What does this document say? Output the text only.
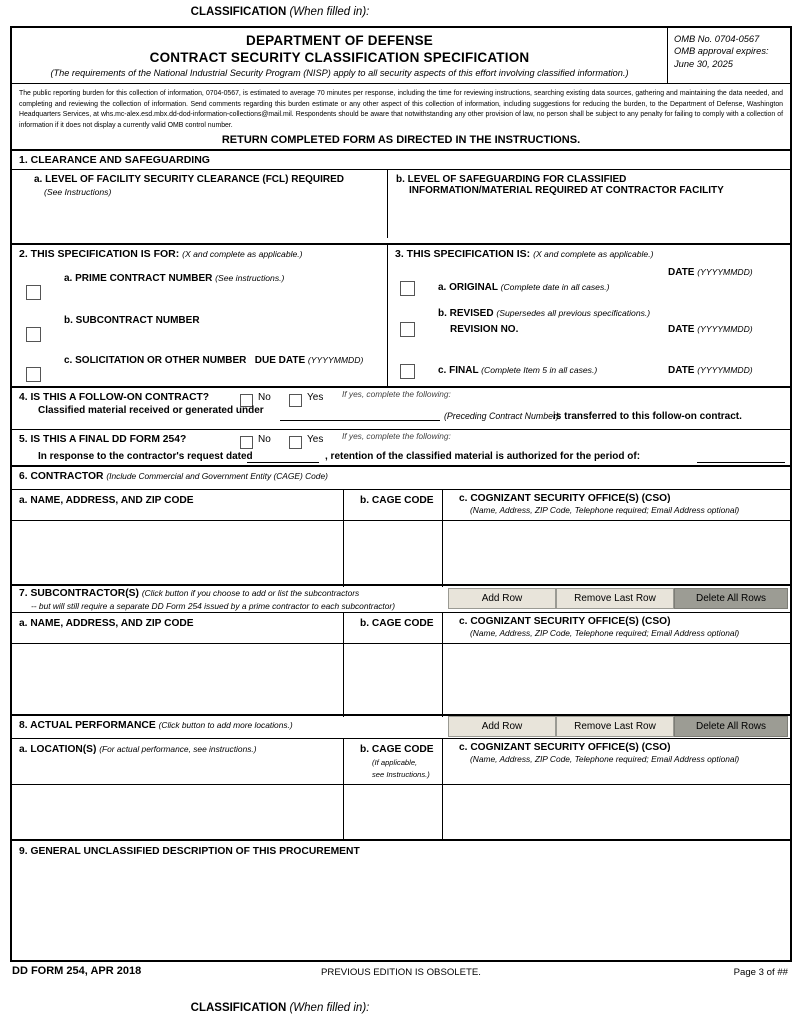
CLASSIFICATION (When filled in):
DEPARTMENT OF DEFENSE
CONTRACT SECURITY CLASSIFICATION SPECIFICATION
(The requirements of the National Industrial Security Program (NISP) apply to all security aspects of this effort involving classified information.)
OMB No. 0704-0567
OMB approval expires:
June 30, 2025

The public reporting burden for this collection of information, 0704-0567, is estimated to average 70 minutes per response, including the time for reviewing instructions, searching existing data sources, gathering and maintaining the data needed, and completing and reviewing the collection of information. Send comments regarding this burden estimate or any other aspect of this collection of information, including suggestions for reducing the burden, to the Department of Defense, Washington Headquarters Services, at whs.mc-alex.esd.mbx.dd-dod-information-collections@mail.mil. Respondents should be aware that notwithstanding any other provision of law, no person shall be subject to any penalty for failing to comply with a collection of information if it does not display a currently valid OMB control number.

RETURN COMPLETED FORM AS DIRECTED IN THE INSTRUCTIONS.
1. CLEARANCE AND SAFEGUARDING
a. LEVEL OF FACILITY SECURITY CLEARANCE (FCL) REQUIRED
(See Instructions)
b. LEVEL OF SAFEGUARDING FOR CLASSIFIED
INFORMATION/MATERIAL REQUIRED AT CONTRACTOR FACILITY
2. THIS SPECIFICATION IS FOR: (X and complete as applicable.)
a. PRIME CONTRACT NUMBER (See instructions.)
b. SUBCONTRACT NUMBER
c. SOLICITATION OR OTHER NUMBER DUE DATE (YYYYMMDD)
3. THIS SPECIFICATION IS: (X and complete as applicable.)
DATE (YYYYMMDD)
a. ORIGINAL (Complete date in all cases.)
b. REVISED (Supersedes all previous specifications.)
REVISION NO.	DATE (YYYYMMDD)
c. FINAL (Complete Item 5 in all cases.)	DATE (YYYYMMDD)
4. IS THIS A FOLLOW-ON CONTRACT?	No	Yes If yes, complete the following:
Classified material received or generated under	(Preceding Contract Number)
is transferred to this follow-on contract.
5. IS THIS A FINAL DD FORM 254?	No	Yes If yes, complete the following:
In response to the contractor's request dated	, retention of the classified material is authorized for the period of:
6. CONTRACTOR (Include Commercial and Government Entity (CAGE) Code)
a. NAME, ADDRESS, AND ZIP CODE	b. CAGE CODE c. COGNIZANT SECURITY OFFICE(S) (CSO)
(Name, Address, ZIP Code, Telephone required; Email Address optional)
7. SUBCONTRACTOR(S) (Click button if you choose to add or list the subcontractors
-- but will still require a separate DD Form 254 issued by a prime contractor to each subcontractor)
Add Row	Remove Last Row	Delete All Rows
a. NAME, ADDRESS, AND ZIP CODE	b. CAGE CODE c. COGNIZANT SECURITY OFFICE(S) (CSO)
(Name, Address, ZIP Code, Telephone required; Email Address optional)
8. ACTUAL PERFORMANCE (Click button to add more locations.)	Add Row	Remove Last Row	Delete All Rows
a. LOCATION(S) (For actual performance, see instructions.)	b. CAGE CODE
(If applicable,
see Instructions.)
c. COGNIZANT SECURITY OFFICE(S) (CSO)
(Name, Address, ZIP Code, Telephone required; Email Address optional)
9. GENERAL UNCLASSIFIED DESCRIPTION OF THIS PROCUREMENT
DD FORM 254, APR 2018	PREVIOUS EDITION IS OBSOLETE.	Page 3 of ##
CLASSIFICATION (When filled in):
